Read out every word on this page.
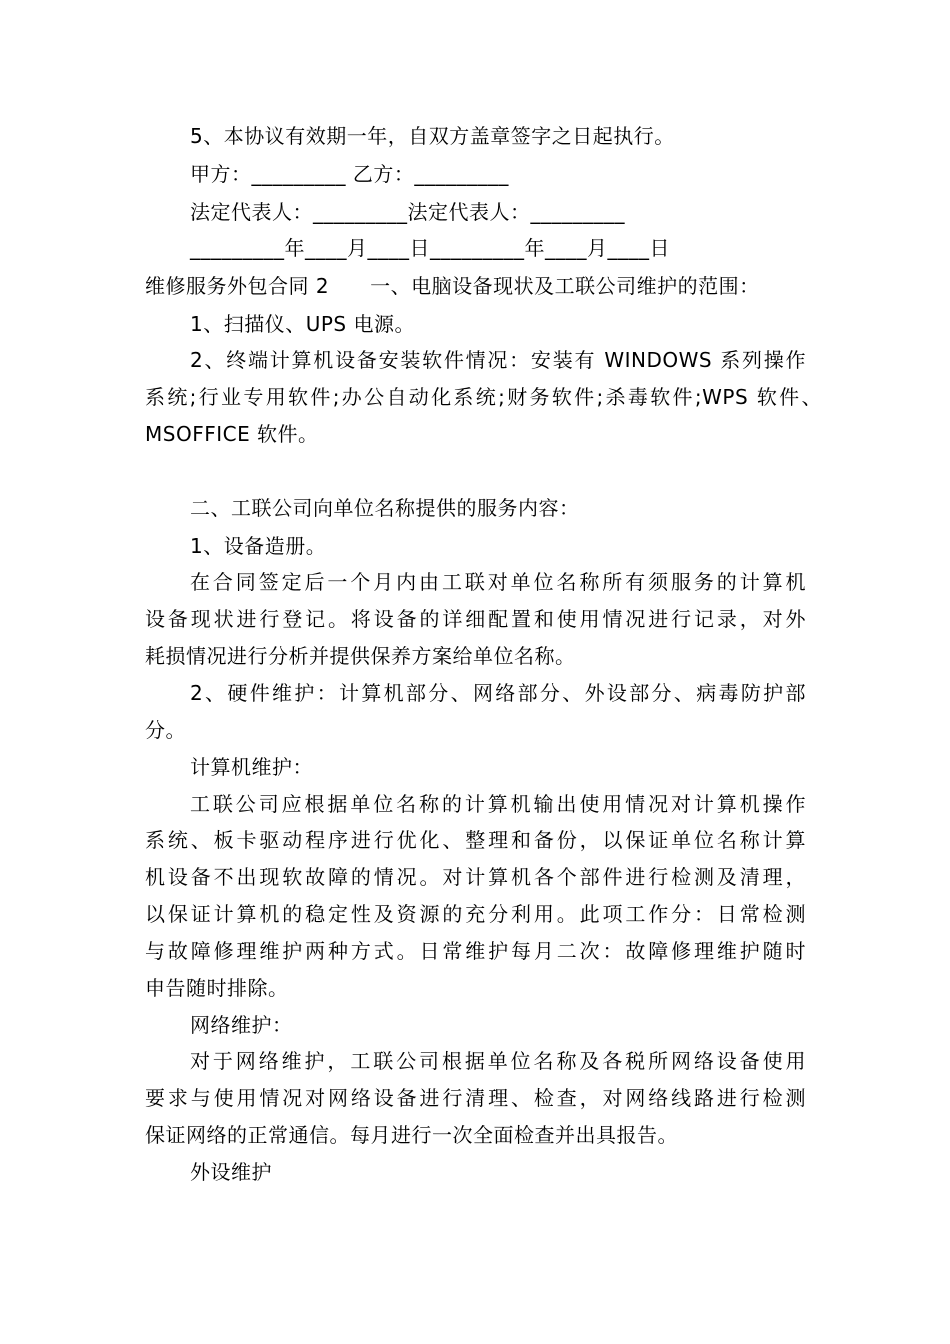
5、本协议有效期一年，自双方盖章签字之日起执行。
甲方：_________ 乙方：_________
法定代表人：_________法定代表人：_________
_________年____月____日_________年____月____日
维修服务外包合同 2　　一、电脑设备现状及工联公司维护的范围：
1、扫描仪、UPS 电源。
2、终端计算机设备安装软件情况：安装有 WINDOWS 系列操作
系统;行业专用软件;办公自动化系统;财务软件;杀毒软件;WPS 软件、
MSOFFICE 软件。
二、工联公司向单位名称提供的服务内容：
1、设备造册。
在合同签定后一个月内由工联对单位名称所有须服务的计算机
设备现状进行登记。将设备的详细配置和使用情况进行记录，对外
耗损情况进行分析并提供保养方案给单位名称。
2、硬件维护：计算机部分、网络部分、外设部分、病毒防护部
分。
计算机维护：
工联公司应根据单位名称的计算机输出使用情况对计算机操作
系统、板卡驱动程序进行优化、整理和备份，以保证单位名称计算
机设备不出现软故障的情况。对计算机各个部件进行检测及清理，
以保证计算机的稳定性及资源的充分利用。此项工作分：日常检测
与故障修理维护两种方式。日常维护每月二次：故障修理维护随时
申告随时排除。
网络维护：
对于网络维护，工联公司根据单位名称及各税所网络设备使用
要求与使用情况对网络设备进行清理、检查，对网络线路进行检测
保证网络的正常通信。每月进行一次全面检查并出具报告。
外设维护
